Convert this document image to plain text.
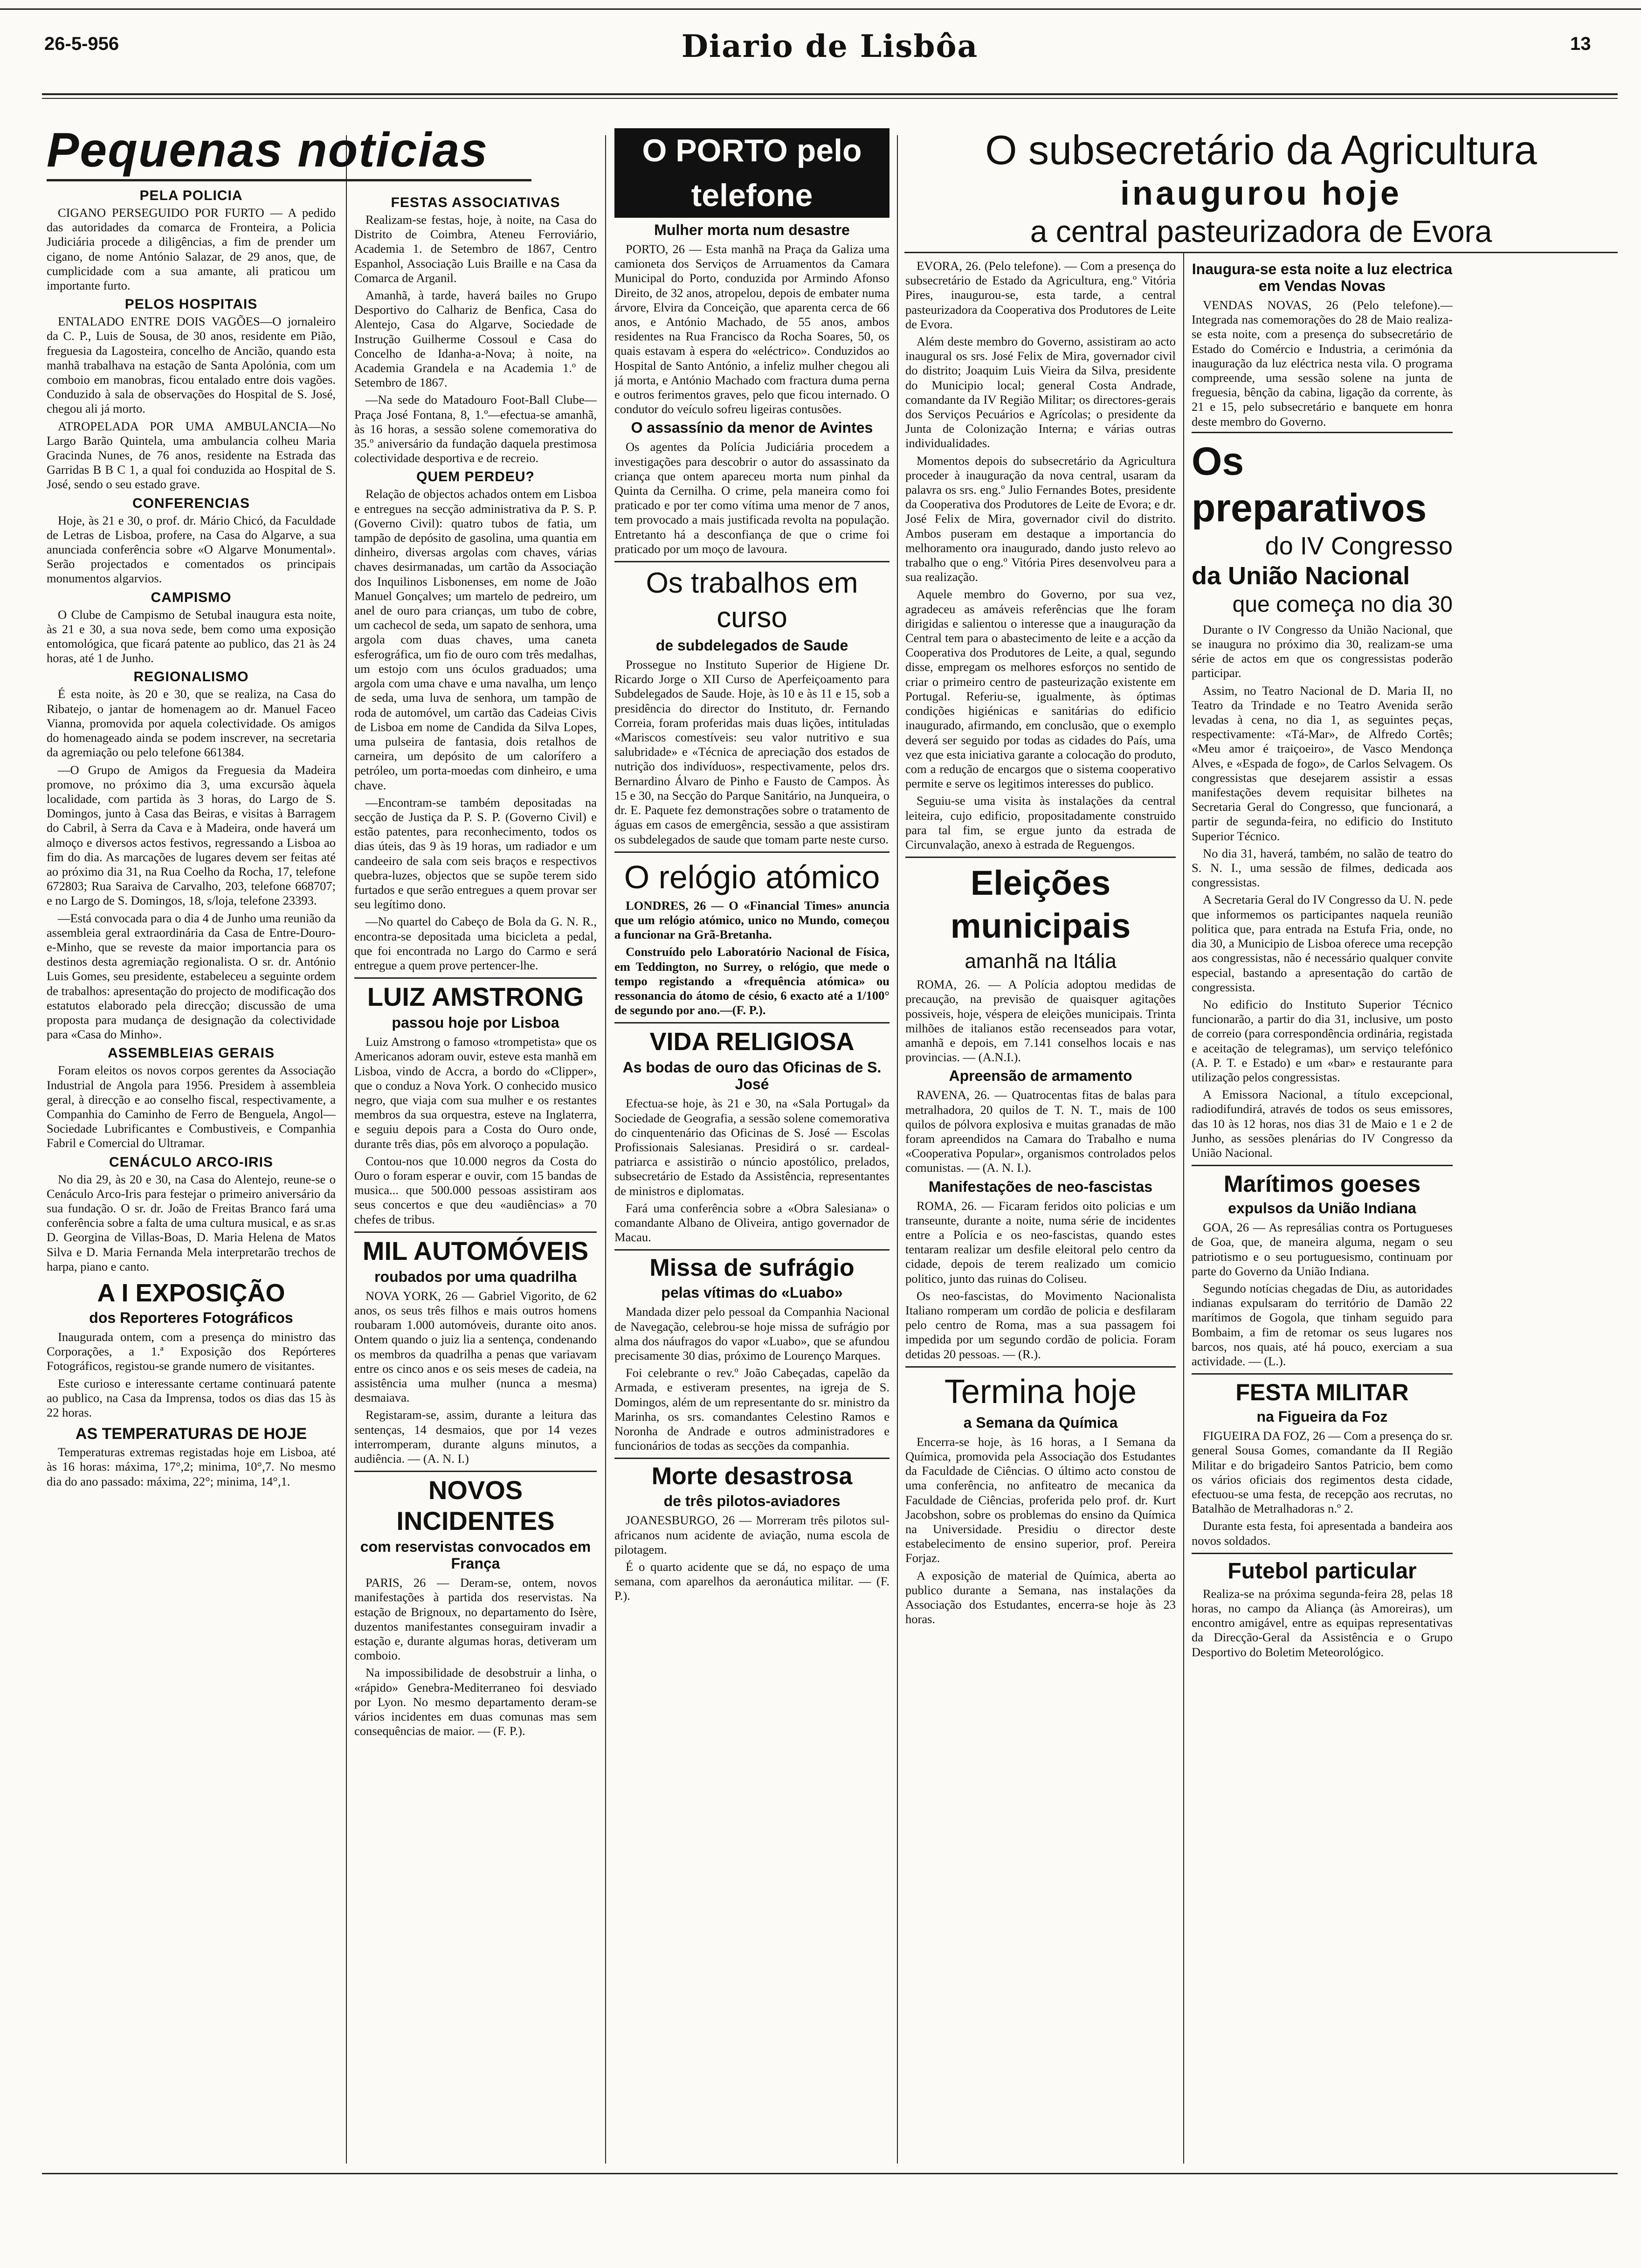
26-5-956	Diario de Lisbôa	13
Pequenas noticias
PELA POLICIA

CIGANO PERSEGUIDO POR FURTO — A pedido das autoridades da comarca de Fronteira, a Policia Judiciária procede a diligências, a fim de prender um cigano, de nome António Salazar, de 29 anos, que, de cumplicidade com a sua amante, ali praticou um importante furto.

PELOS HOSPITAIS

ENTALADO ENTRE DOIS VAGÕES—O jornaleiro da C. P., Luis de Sousa, de 30 anos, residente em Pião, freguesia da Lagosteira, concelho de Ancião, quando esta manhã trabalhava na estação de Santa Apolónia, com um comboio em manobras, ficou entalado entre dois vagões. Conduzido à sala de observações do Hospital de S. José, chegou ali já morto.

ATROPELADA POR UMA AMBULANCIA—No Largo Barão Quintela, uma ambulancia colheu Maria Gracinda Nunes, de 76 anos, residente na Estrada das Garridas B B C 1, a qual foi conduzida ao Hospital de S. José, sendo o seu estado grave.

CONFERENCIAS

Hoje, às 21 e 30, o prof. dr. Mário Chicó, da Faculdade de Letras de Lisboa, profere, na Casa do Algarve, a sua anunciada conferência sobre «O Algarve Monumental». Serão projectados e comentados os principais monumentos algarvios.

CAMPISMO

O Clube de Campismo de Setubal inaugura esta noite, às 21 e 30, a sua nova sede, bem como uma exposição entomológica, que ficará patente ao publico, das 21 às 24 horas, até 1 de Junho.

REGIONALISMO

É esta noite, às 20 e 30, que se realiza, na Casa do Ribatejo, o jantar de homenagem ao dr. Manuel Faceo Vianna, promovida por aquela colectividade. Os amigos do homenageado ainda se podem inscrever, na secretaria da agremiação ou pelo telefone 661384.

—O Grupo de Amigos da Freguesia da Madeira promove, no próximo dia 3, uma excursão àquela localidade, com partida às 3 horas, do Largo de S. Domingos, junto à Casa das Beiras, e visitas à Barragem do Cabril, à Serra da Cava e à Madeira, onde haverá um almoço e diversos actos festivos, regressando a Lisboa ao fim do dia. As marcações de lugares devem ser feitas até ao próximo dia 31, na Rua Coelho da Rocha, 17, telefone 672803; Rua Saraiva de Carvalho, 203, telefone 668707; e no Largo de S. Domingos, 18, s/loja, telefone 23393.

—Está convocada para o dia 4 de Junho uma reunião da assembleia geral extraordinária da Casa de Entre-Douro-e-Minho, que se reveste da maior importancia para os destinos desta agremiação regionalista. O sr. dr. António Luis Gomes, seu presidente, estabeleceu a seguinte ordem de trabalhos: apresentação do projecto de modificação dos estatutos elaborado pela direcção; discussão de uma proposta para mudança de designação da colectividade para «Casa do Minho».

ASSEMBLEIAS GERAIS

Foram eleitos os novos corpos gerentes da Associação Industrial de Angola para 1956. Presidem à assembleia geral, à direcção e ao conselho fiscal, respectivamente, a Companhia do Caminho de Ferro de Benguela, Angol—Sociedade Lubrificantes e Combustiveis, e Companhia Fabril e Comercial do Ultramar.

CENÁCULO ARCO-IRIS

No dia 29, às 20 e 30, na Casa do Alentejo, reune-se o Cenáculo Arco-Iris para festejar o primeiro aniversário da sua fundação. O sr. dr. João de Freitas Branco fará uma conferência sobre a falta de uma cultura musical, e as sr.as D. Georgina de Villas-Boas, D. Maria Helena de Matos Silva e D. Maria Fernanda Mela interpretarão trechos de harpa, piano e canto.

A I EXPOSIÇÃO
dos Reporteres Fotográficos

Inaugurada ontem, com a presença do ministro das Corporações, a 1.ª Exposição dos Repórteres Fotográficos, registou-se grande numero de visitantes.

Este curioso e interessante certame continuará patente ao publico, na Casa da Imprensa, todos os dias das 15 às 22 horas.

AS TEMPERATURAS DE HOJE

Temperaturas extremas registadas hoje em Lisboa, até às 16 horas: máxima, 17°,2; minima, 10°,7. No mesmo dia do ano passado: máxima, 22°; minima, 14°,1.

FESTAS ASSOCIATIVAS

Realizam-se festas, hoje, à noite, na Casa do Distrito de Coimbra, Ateneu Ferroviário, Academia 1. de Setembro de 1867, Centro Espanhol, Associação Luis Braille e na Casa da Comarca de Arganil.

Amanhã, à tarde, haverá bailes no Grupo Desportivo do Calhariz de Benfica, Casa do Alentejo, Casa do Algarve, Sociedade de Instrução Guilherme Cossoul e Casa do Concelho de Idanha-a-Nova; à noite, na Academia Grandela e na Academia 1.º de Setembro de 1867.

—Na sede do Matadouro Foot-Ball Clube—Praça José Fontana, 8, 1.º—efectua-se amanhã, às 16 horas, a sessão solene comemorativa do 35.º aniversário da fundação daquela prestimosa colectividade desportiva e de recreio.

QUEM PERDEU?

Relação de objectos achados ontem em Lisboa e entregues na secção administrativa da P. S. P. (Governo Civil): quatro tubos de fatia, um tampão de depósito de gasolina, uma quantia em dinheiro, diversas argolas com chaves, várias chaves desirmanadas, um cartão da Associação dos Inquilinos Lisbonenses, em nome de João Manuel Gonçalves; um martelo de pedreiro, um anel de ouro para crianças, um tubo de cobre, um cachecol de seda, um sapato de senhora, uma argola com duas chaves, uma caneta esferográfica, um fio de ouro com três medalhas, um estojo com uns óculos graduados; uma argola com uma chave e uma navalha, um lenço de seda, uma luva de senhora, um tampão de roda de automóvel, um cartão das Cadeias Civis de Lisboa em nome de Candida da Silva Lopes, uma pulseira de fantasia, dois retalhos de carneira, um depósito de um calorífero a petróleo, um porta-moedas com dinheiro, e uma chave.

—Encontram-se também depositadas na secção de Justiça da P. S. P. (Governo Civil) e estão patentes, para reconhecimento, todos os dias úteis, das 9 às 19 horas, um radiador e um candeeiro de sala com seis braços e respectivos quebra-luzes, objectos que se supõe terem sido furtados e que serão entregues a quem provar ser seu legítimo dono.

—No quartel do Cabeço de Bola da G. N. R., encontra-se depositada uma bicicleta a pedal, que foi encontrada no Largo do Carmo e será entregue a quem prove pertencer-lhe.

LUIZ AMSTRONG
passou hoje por Lisboa

Luiz Amstrong o famoso «trompetista» que os Americanos adoram ouvir, esteve esta manhã em Lisboa, vindo de Accra, a bordo do «Clipper», que o conduz a Nova York. O conhecido musico negro, que viaja com sua mulher e os restantes membros da sua orquestra, esteve na Inglaterra, e seguiu depois para a Costa do Ouro onde, durante três dias, pôs em alvoroço a população.

Contou-nos que 10.000 negros da Costa do Ouro o foram esperar e ouvir, com 15 bandas de musica... que 500.000 pessoas assistiram aos seus concertos e que deu «audiências» a 70 chefes de tribus.

MIL AUTOMÓVEIS
roubados por uma quadrilha

NOVA YORK, 26 — Gabriel Vigorito, de 62 anos, os seus três filhos e mais outros homens roubaram 1.000 automóveis, durante oito anos. Ontem quando o juiz lia a sentença, condenando os membros da quadrilha a penas que variavam entre os cinco anos e os seis meses de cadeia, na assistência uma mulher (nunca a mesma) desmaiava.

Registaram-se, assim, durante a leitura das sentenças, 14 desmaios, que por 14 vezes interromperam, durante alguns minutos, a audiência. — (A. N. I.)

NOVOS INCIDENTES
com reservistas convocados em França

PARIS, 26 — Deram-se, ontem, novos manifestações à partida dos reservistas. Na estação de Brignoux, no departamento do Isère, duzentos manifestantes conseguiram invadir a estação e, durante algumas horas, detiveram um comboio.

Na impossibilidade de desobstruir a linha, o «rápido» Genebra-Mediterraneo foi desviado por Lyon. No mesmo departamento deram-se vários incidentes em duas comunas mas sem consequências de maior. — (F. P.).

O PORTO pelo telefone
Mulher morta num desastre

PORTO, 26 — Esta manhã na Praça da Galiza uma camioneta dos Serviços de Arruamentos da Camara Municipal do Porto, conduzida por Armindo Afonso Direito, de 32 anos, atropelou, depois de embater numa árvore, Elvira da Conceição, que aparenta cerca de 66 anos, e António Machado, de 55 anos, ambos residentes na Rua Francisco da Rocha Soares, 50, os quais estavam à espera do «eléctrico». Conduzidos ao Hospital de Santo António, a infeliz mulher chegou ali já morta, e António Machado com fractura duma perna e outros ferimentos graves, pelo que ficou internado. O condutor do veículo sofreu ligeiras contusões.

O assassínio da menor de Avintes

Os agentes da Polícia Judiciária procedem a investigações para descobrir o autor do assassinato da criança que ontem apareceu morta num pinhal da Quinta da Cernilha. O crime, pela maneira como foi praticado e por ter como vítima uma menor de 7 anos, tem provocado a mais justificada revolta na população. Entretanto há a desconfiança de que o crime foi praticado por um moço de lavoura.

Os trabalhos em curso
de subdelegados de Saude

Prossegue no Instituto Superior de Higiene Dr. Ricardo Jorge o XII Curso de Aperfeiçoamento para Subdelegados de Saude. Hoje, às 10 e às 11 e 15, sob a presidência do director do Instituto, dr. Fernando Correia, foram proferidas mais duas lições, intituladas «Mariscos comestíveis: seu valor nutritivo e sua salubridade» e «Técnica de apreciação dos estados de nutrição dos indivíduos», respectivamente, pelos drs. Bernardino Álvaro de Pinho e Fausto de Campos. Às 15 e 30, na Secção do Parque Sanitário, na Junqueira, o dr. E. Paquete fez demonstrações sobre o tratamento de águas em casos de emergência, sessão a que assistiram os subdelegados de saude que tomam parte neste curso.

O relógio atómico

LONDRES, 26 — O «Financial Times» anuncia que um relógio atómico, unico no Mundo, começou a funcionar na Grã-Bretanha.

Construído pelo Laboratório Nacional de Física, em Teddington, no Surrey, o relógio, que mede o tempo registando a «frequência atómica» ou ressonancia do átomo de césio, 6 exacto até a 1/100° de segundo por ano.—(F. P.).

VIDA RELIGIOSA
As bodas de ouro das Oficinas de S. José

Efectua-se hoje, às 21 e 30, na «Sala Portugal» da Sociedade de Geografia, a sessão solene comemorativa do cinquentenário das Oficinas de S. José — Escolas Profissionais Salesianas. Presidirá o sr. cardeal-patriarca e assistirão o núncio apostólico, prelados, subsecretário de Estado da Assistência, representantes de ministros e diplomatas.

Fará uma conferência sobre a «Obra Salesiana» o comandante Albano de Oliveira, antigo governador de Macau.

Missa de sufrágio
pelas vítimas do «Luabo»

Mandada dizer pelo pessoal da Companhia Nacional de Navegação, celebrou-se hoje missa de sufrágio por alma dos náufragos do vapor «Luabo», que se afundou precisamente 30 dias, próximo de Lourenço Marques.

Foi celebrante o rev.º João Cabeçadas, capelão da Armada, e estiveram presentes, na igreja de S. Domingos, além de um representante do sr. ministro da Marinha, os srs. comandantes Celestino Ramos e Noronha de Andrade e outros administradores e funcionários de todas as secções da companhia.

Morte desastrosa
de três pilotos-aviadores

JOANESBURGO, 26 — Morreram três pilotos sul-africanos num acidente de aviação, numa escola de pilotagem.

É o quarto acidente que se dá, no espaço de uma semana, com aparelhos da aeronáutica militar. — (F. P.).

O subsecretário da Agricultura
inaugurou hoje
a central pasteurizadora de Evora

EVORA, 26. (Pelo telefone). — Com a presença do subsecretário de Estado da Agricultura, eng.º Vitória Pires, inaugurou-se, esta tarde, a central pasteurizadora da Cooperativa dos Produtores de Leite de Evora.

Além deste membro do Governo, assistiram ao acto inaugural os srs. José Felix de Mira, governador civil do distrito; Joaquim Luis Vieira da Silva, presidente do Municipio local; general Costa Andrade, comandante da IV Região Militar; os directores-gerais dos Serviços Pecuários e Agrícolas; o presidente da Junta de Colonização Interna; e várias outras individualidades.

Momentos depois do subsecretário da Agricultura proceder à inauguração da nova central, usaram da palavra os srs. eng.º Julio Fernandes Botes, presidente da Cooperativa dos Produtores de Leite de Evora; e dr. José Felix de Mira, governador civil do distrito. Ambos puseram em destaque a importancia do melhoramento ora inaugurado, dando justo relevo ao trabalho que o eng.º Vitória Pires desenvolveu para a sua realização.

Aquele membro do Governo, por sua vez, agradeceu as amáveis referências que lhe foram dirigidas e salientou o interesse que a inauguração da Central tem para o abastecimento de leite e a acção da Cooperativa dos Produtores de Leite, a qual, segundo disse, empregam os melhores esforços no sentido de criar o primeiro centro de pasteurização existente em Portugal. Referiu-se, igualmente, às óptimas condições higiénicas e sanitárias do edificio inaugurado, afirmando, em conclusão, que o exemplo deverá ser seguido por todas as cidades do País, uma vez que esta iniciativa garante a colocação do produto, com a redução de encargos que o sistema cooperativo permite e serve os legitimos interesses do publico.

Seguiu-se uma visita às instalações da central leiteira, cujo edificio, propositadamente construido para tal fim, se ergue junto da estrada de Circunvalação, anexo à estrada de Reguengos.

Eleições municipais
amanhã na Itália

ROMA, 26. — A Polícia adoptou medidas de precaução, na previsão de quaisquer agitações possiveis, hoje, véspera de eleições municipais. Trinta milhões de italianos estão recenseados para votar, amanhã e depois, em 7.141 conselhos locais e nas provincias. — (A.N.I.).

Apreensão de armamento

RAVENA, 26. — Quatrocentas fitas de balas para metralhadora, 20 quilos de T. N. T., mais de 100 quilos de pólvora explosiva e muitas granadas de mão foram apreendidos na Camara do Trabalho e numa «Cooperativa Popular», organismos controlados pelos comunistas. — (A. N. I.).

Manifestações de neo-fascistas

ROMA, 26. — Ficaram feridos oito policias e um transeunte, durante a noite, numa série de incidentes entre a Polícia e os neo-fascistas, quando estes tentaram realizar um desfile eleitoral pelo centro da cidade, depois de terem realizado um comicio politico, junto das ruinas do Coliseu.

Os neo-fascistas, do Movimento Nacionalista Italiano romperam um cordão de policia e desfilaram pelo centro de Roma, mas a sua passagem foi impedida por um segundo cordão de policia. Foram detidas 20 pessoas. — (R.).

Termina hoje
a Semana da Química

Encerra-se hoje, às 16 horas, a I Semana da Química, promovida pela Associação dos Estudantes da Faculdade de Ciências. O último acto constou de uma conferência, no anfiteatro de mecanica da Faculdade de Ciências, proferida pelo prof. dr. Kurt Jacobshon, sobre os problemas do ensino da Química na Universidade. Presidiu o director deste estabelecimento de ensino superior, prof. Pereira Forjaz.

A exposição de material de Química, aberta ao publico durante a Semana, nas instalações da Associação dos Estudantes, encerra-se hoje às 23 horas.

Inaugura-se esta noite a luz electrica em Vendas Novas

VENDAS NOVAS, 26 (Pelo telefone).—Integrada nas comemorações do 28 de Maio realiza-se esta noite, com a presença do subsecretário de Estado do Comércio e Industria, a cerimónia da inauguração da luz eléctrica nesta vila. O programa compreende, uma sessão solene na junta de freguesia, bênção da cabina, ligação da corrente, às 21 e 15, pelo subsecretário e banquete em honra deste membro do Governo.

Os preparativos
do IV Congresso
da União Nacional
que começa no dia 30

Durante o IV Congresso da União Nacional, que se inaugura no próximo dia 30, realizam-se uma série de actos em que os congressistas poderão participar.

Assim, no Teatro Nacional de D. Maria II, no Teatro da Trindade e no Teatro Avenida serão levadas à cena, no dia 1, as seguintes peças, respectivamente: «Tá-Mar», de Alfredo Cortês; «Meu amor é traiçoeiro», de Vasco Mendonça Alves, e «Espada de fogo», de Carlos Selvagem. Os congressistas que desejarem assistir a essas manifestações devem requisitar bilhetes na Secretaria Geral do Congresso, que funcionará, a partir de segunda-feira, no edificio do Instituto Superior Técnico.

No dia 31, haverá, também, no salão de teatro do S. N. I., uma sessão de filmes, dedicada aos congressistas.

A Secretaria Geral do IV Congresso da U. N. pede que informemos os participantes naquela reunião politica que, para entrada na Estufa Fria, onde, no dia 30, a Municipio de Lisboa oferece uma recepção aos congressistas, não é necessário qualquer convite especial, bastando a apresentação do cartão de congressista.

No edificio do Instituto Superior Técnico funcionarão, a partir do dia 31, inclusive, um posto de correio (para correspondência ordinária, registada e aceitação de telegramas), um serviço telefónico (A. P. T. e Estado) e um «bar» e restaurante para utilização pelos congressistas.

A Emissora Nacional, a título excepcional, radiodifundirá, através de todos os seus emissores, das 10 às 12 horas, nos dias 31 de Maio e 1 e 2 de Junho, as sessões plenárias do IV Congresso da União Nacional.

Marítimos goeses
expulsos da União Indiana

GOA, 26 — As represálias contra os Portugueses de Goa, que, de maneira alguma, negam o seu patriotismo e o seu portuguesismo, continuam por parte do Governo da União Indiana.

Segundo notícias chegadas de Diu, as autoridades indianas expulsaram do território de Damão 22 marítimos de Gogola, que tinham seguido para Bombaim, a fim de retomar os seus lugares nos barcos, nos quais, até há pouco, exerciam a sua actividade. — (L.).

FESTA MILITAR
na Figueira da Foz

FIGUEIRA DA FOZ, 26 — Com a presença do sr. general Sousa Gomes, comandante da II Região Militar e do brigadeiro Santos Patricio, bem como os vários oficiais dos regimentos desta cidade, efectuou-se uma festa, de recepção aos recrutas, no Batalhão de Metralhadoras n.º 2.

Durante esta festa, foi apresentada a bandeira aos novos soldados.

Futebol particular

Realiza-se na próxima segunda-feira 28, pelas 18 horas, no campo da Aliança (às Amoreiras), um encontro amigável, entre as equipas representativas da Direcção-Geral da Assistência e o Grupo Desportivo do Boletim Meteorológico.
